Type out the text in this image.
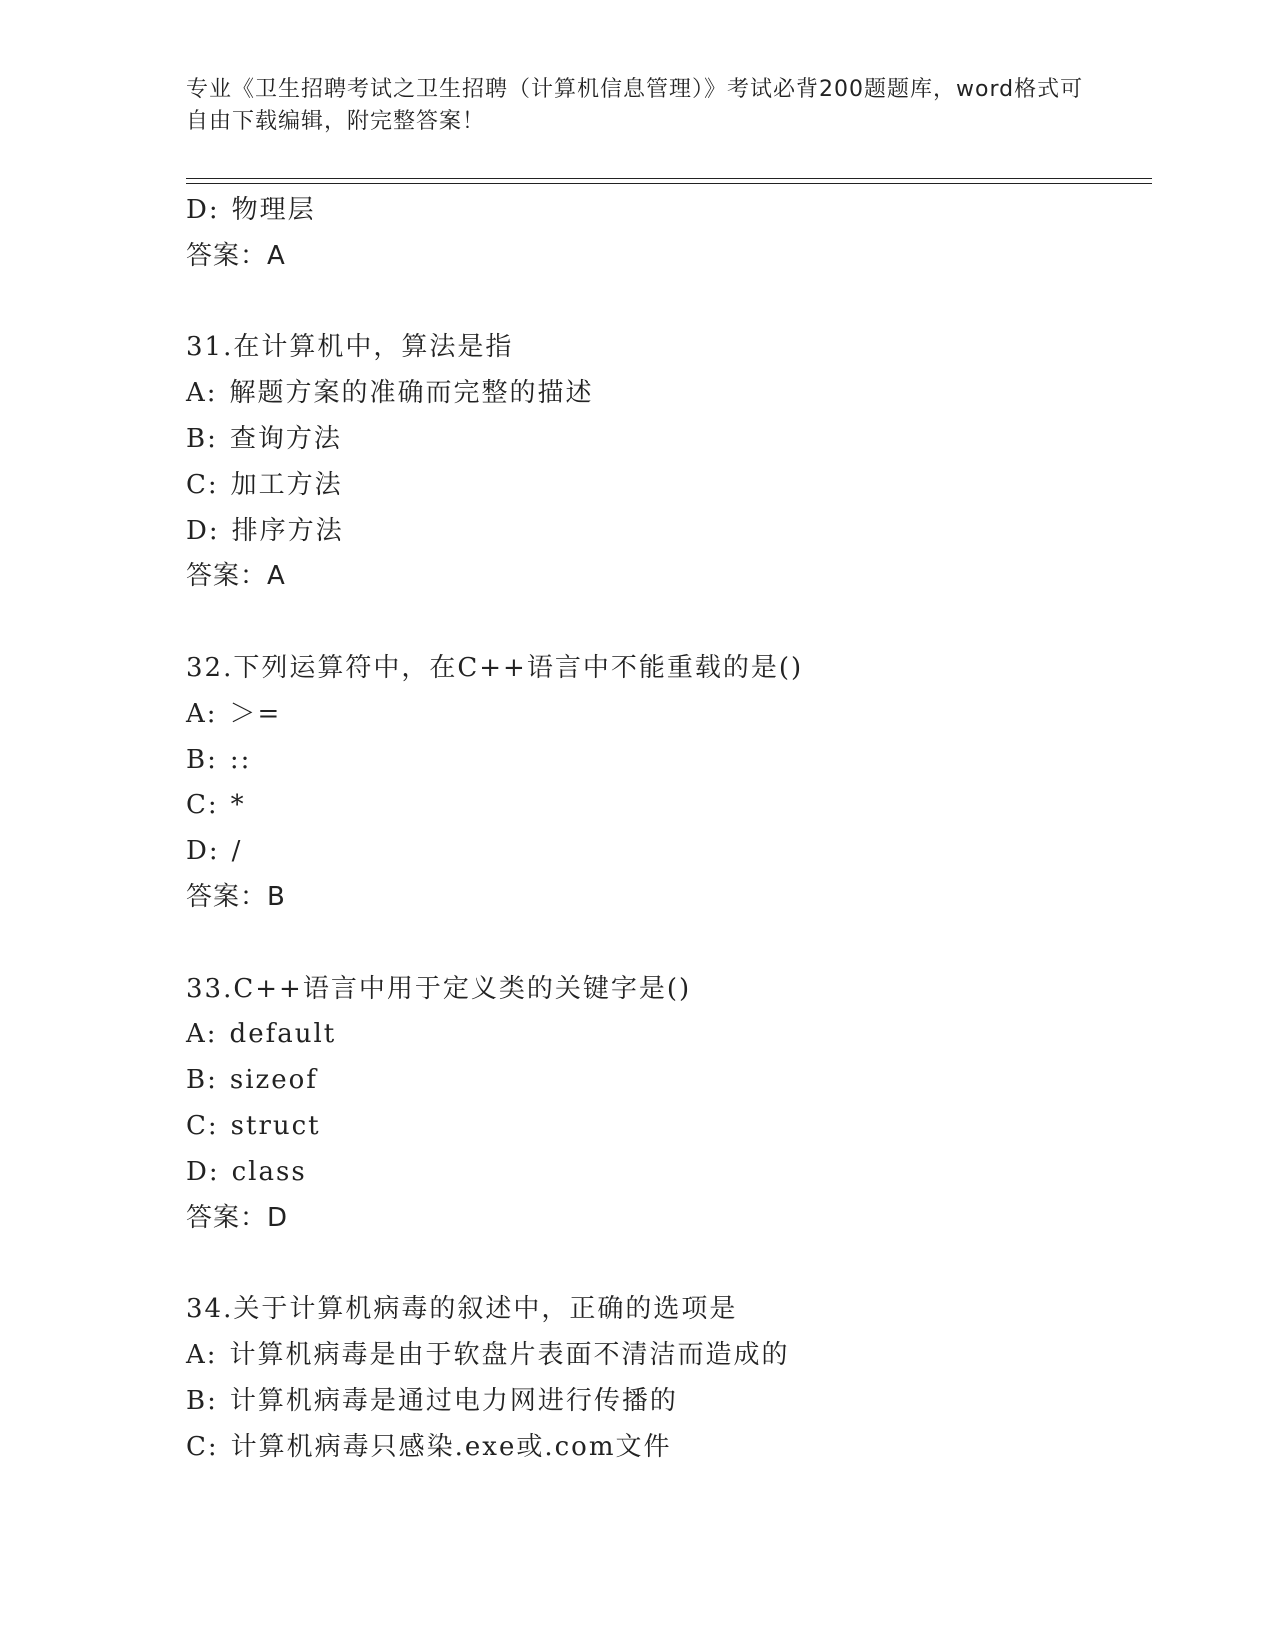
专业《卫生招聘考试之卫生招聘（计算机信息管理）》考试必背200题题库，word格式可自由下载编辑，附完整答案！
D: 物理层
答案：A
31.在计算机中，算法是指
A: 解题方案的准确而完整的描述
B: 查询方法
C: 加工方法
D: 排序方法
答案：A
32.下列运算符中，在C++语言中不能重载的是()
A: ＞=
B: ::
C: *
D: /
答案：B
33.C++语言中用于定义类的关键字是()
A: default
B: sizeof
C: struct
D: class
答案：D
34.关于计算机病毒的叙述中，正确的选项是
A: 计算机病毒是由于软盘片表面不清洁而造成的
B: 计算机病毒是通过电力网进行传播的
C: 计算机病毒只感染.exe或.com文件
